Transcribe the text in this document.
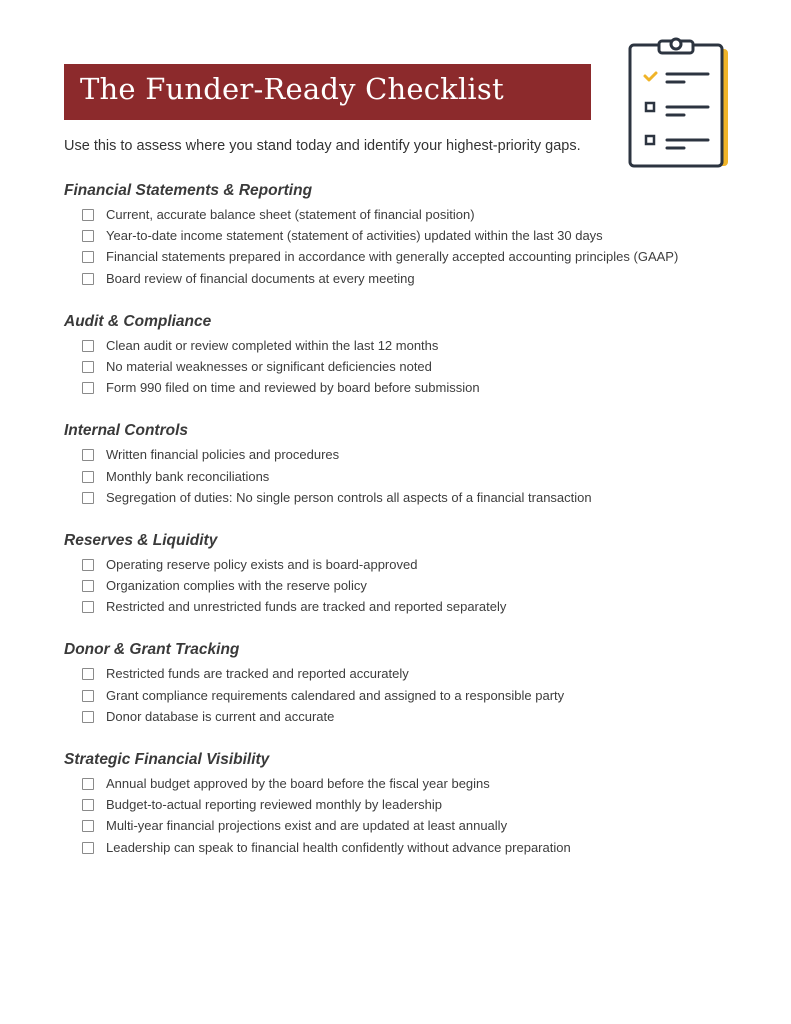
The Funder-Ready Checklist
Use this to assess where you stand today and identify your highest-priority gaps.
Financial Statements & Reporting
Current, accurate balance sheet (statement of financial position)
Year-to-date income statement (statement of activities) updated within the last 30 days
Financial statements prepared in accordance with generally accepted accounting principles (GAAP)
Board review of financial documents at every meeting
Audit & Compliance
Clean audit or review completed within the last 12 months
No material weaknesses or significant deficiencies noted
Form 990 filed on time and reviewed by board before submission
Internal Controls
Written financial policies and procedures
Monthly bank reconciliations
Segregation of duties: No single person controls all aspects of a financial transaction
Reserves & Liquidity
Operating reserve policy exists and is board-approved
Organization complies with the reserve policy
Restricted and unrestricted funds are tracked and reported separately
Donor & Grant Tracking
Restricted funds are tracked and reported accurately
Grant compliance requirements calendared and assigned to a responsible party
Donor database is current and accurate
Strategic Financial Visibility
Annual budget approved by the board before the fiscal year begins
Budget-to-actual reporting reviewed monthly by leadership
Multi-year financial projections exist and are updated at least annually
Leadership can speak to financial health confidently without advance preparation
